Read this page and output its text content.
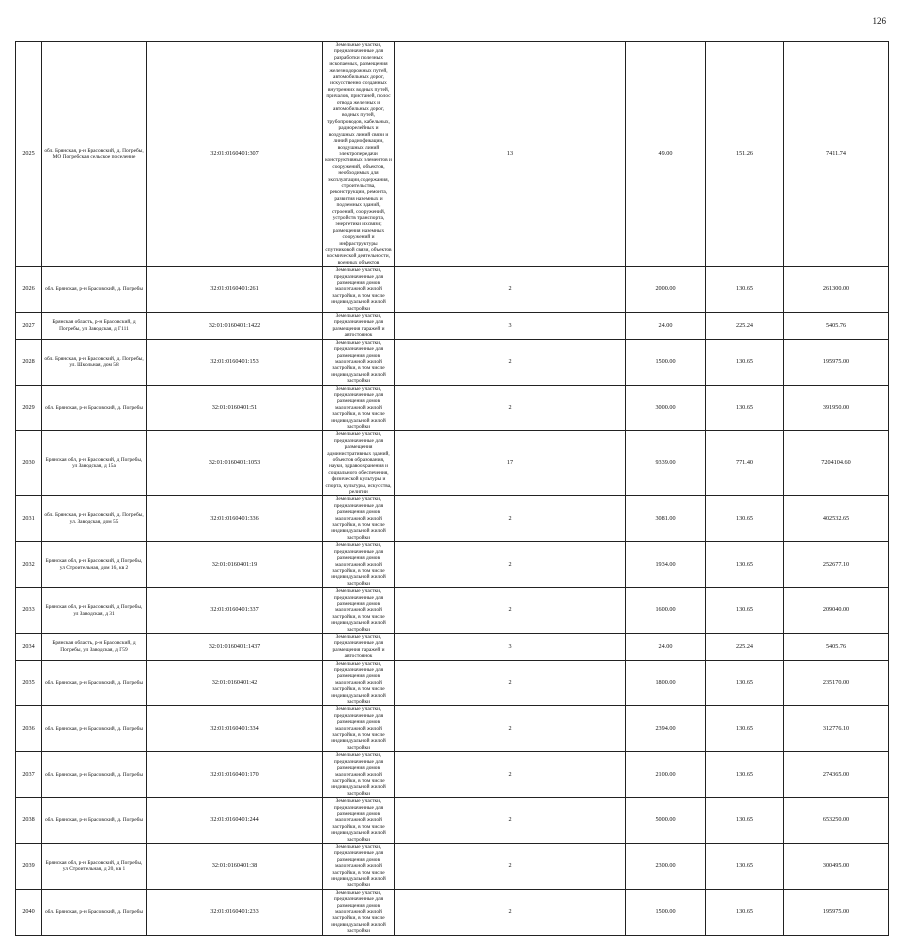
126
2025	обл. Брянская, р-н Брасовский, д. Погребы, МО Погребская сельское поселение	32:01:0160401:307	Земельные участки, предназначенные для разработки полезных ископаемых, размещения железнодорожных путей, автомобильных дорог, искусственно созданных внутренних водных путей, причалов, пристаней, полос отвода железных и автомобильных дорог, водных путей, трубопроводов, кабельных, радиорелейных и воздушных линий связи и линий радиофикации, воздушных линий электропередачи конструктивных элементов и сооружений, объектов, необходимых для эксплуатации,содержания, строительства, реконструкции, ремонта, развития наземных и подземных зданий, строений, сооружений, устройств транспорта, энергетики ихсвязи; размещения наземных сооружений и инфраструктуры спутниковой связи, объектов космической деятельности, военных объектов	13	49.00	151.26	7411.74
2026	обл. Брянская, р-н Брасовский, д. Погребы	32:01:0160401:261	Земельные участки, предназначенные для размещения домов малоэтажной жилой застройки, в том числе индивидуальной жилой застройки	2	2000.00	130.65	261300.00
2027	Брянская область, р-н Брасовский, д Погребы, ул Заводская, д Г111	32:01:0160401:1422	Земельные участки, предназначенные для размещения гаражей и автостоянок	3	24.00	225.24	5405.76
2028	обл. Брянская, р-н Брасовский, д. Погребы, ул. Школьная, дом 58	32:01:0160401:153	Земельные участки, предназначенные для размещения домов малоэтажной жилой застройки, в том числе индивидуальной жилой застройки	2	1500.00	130.65	195975.00
2029	обл. Брянская, р-н Брасовский, д. Погребы	32:01:0160401:51	Земельные участки, предназначенные для размещения домов малоэтажной жилой застройки, в том числе индивидуальной жилой застройки	2	3000.00	130.65	391950.00
2030	Брянская обл, р-н Брасовский, д Погребы, ул Заводская, д 15а	32:01:0160401:1053	Земельные участки, предназначенные для размещения административных зданий, объектов образования, науки, здравоохранения и социального обеспечения, физической культуры и спорта, культуры, искусства, религии	17	9339.00	771.40	7204104.60
2031	обл. Брянская, р-н Брасовский, д. Погребы, ул. Заводская, дом 55	32:01:0160401:336	Земельные участки, предназначенные для размещения домов малоэтажной жилой застройки, в том числе индивидуальной жилой застройки	2	3081.00	130.65	402532.65
2032	Брянская обл, р-н Брасовский, д Погребы, ул Строительная, дом 16, кв 2	32:01:0160401:19	Земельные участки, предназначенные для размещения домов малоэтажной жилой застройки, в том числе индивидуальной жилой застройки	2	1934.00	130.65	252677.10
2033	Брянская обл, р-н Брасовский, д Погребы, ул Заводская, д 31	32:01:0160401:337	Земельные участки, предназначенные для размещения домов малоэтажной жилой застройки, в том числе индивидуальной жилой застройки	2	1600.00	130.65	209040.00
2034	Брянская область, р-н Брасовский, д Погребы, ул Заводская, д Г59	32:01:0160401:1437	Земельные участки, предназначенные для размещения гаражей и автостоянок	3	24.00	225.24	5405.76
2035	обл. Брянская, р-н Брасовский, д. Погребы	32:01:0160401:42	Земельные участки, предназначенные для размещения домов малоэтажной жилой застройки, в том числе индивидуальной жилой застройки	2	1800.00	130.65	235170.00
2036	обл. Брянская, р-н Брасовский, д. Погребы	32:01:0160401:334	Земельные участки, предназначенные для размещения домов малоэтажной жилой застройки, в том числе индивидуальной жилой застройки	2	2394.00	130.65	312776.10
2037	обл. Брянская, р-н Брасовский, д. Погребы	32:01:0160401:170	Земельные участки, предназначенные для размещения домов малоэтажной жилой застройки, в том числе индивидуальной жилой застройки	2	2100.00	130.65	274365.00
2038	обл. Брянская, р-н Брасовский, д. Погребы	32:01:0160401:244	Земельные участки, предназначенные для размещения домов малоэтажной жилой застройки, в том числе индивидуальной жилой застройки	2	5000.00	130.65	653250.00
2039	Брянская обл, р-н Брасовский, д Погребы, ул Строительная, д 20, кв 1	32:01:0160401:38	Земельные участки, предназначенные для размещения домов малоэтажной жилой застройки, в том числе индивидуальной жилой застройки	2	2300.00	130.65	300495.00
2040	обл. Брянская, р-н Брасовский, д. Погребы	32:01:0160401:233	Земельные участки, предназначенные для размещения домов малоэтажной жилой застройки, в том числе индивидуальной жилой застройки	2	1500.00	130.65	195975.00
